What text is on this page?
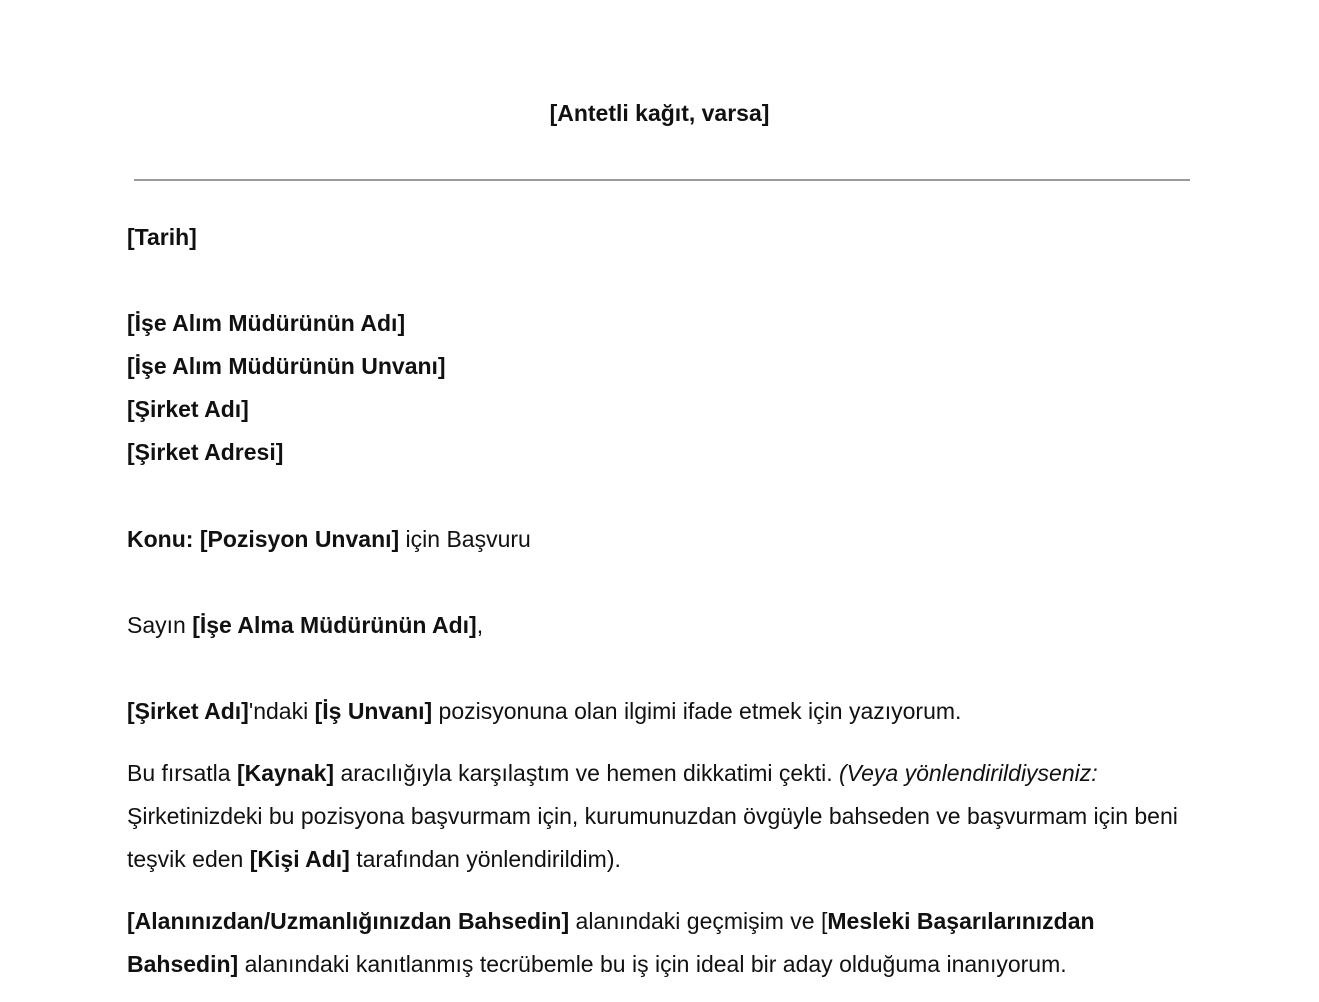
[Antetli kağıt, varsa]
[Tarih]
[İşe Alım Müdürünün Adı]
[İşe Alım Müdürünün Unvanı]
[Şirket Adı]
[Şirket Adresi]
Konu: [Pozisyon Unvanı] için Başvuru
Sayın [İşe Alma Müdürünün Adı],
[Şirket Adı]'ndaki [İş Unvanı] pozisyonuna olan ilgimi ifade etmek için yazıyorum.
Bu fırsatla [Kaynak] aracılığıyla karşılaştım ve hemen dikkatimi çekti. (Veya yönlendirildiyseniz: Şirketinizdeki bu pozisyona başvurmam için, kurumunuzdan övgüyle bahseden ve başvurmam için beni teşvik eden [Kişi Adı] tarafından yönlendirildim).
[Alanınızdan/Uzmanlığınızdan Bahsedin] alanındaki geçmişim ve [Mesleki Başarılarınızdan Bahsedin] alanındaki kanıtlanmış tecrübemle bu iş için ideal bir aday olduğuma inanıyorum.
